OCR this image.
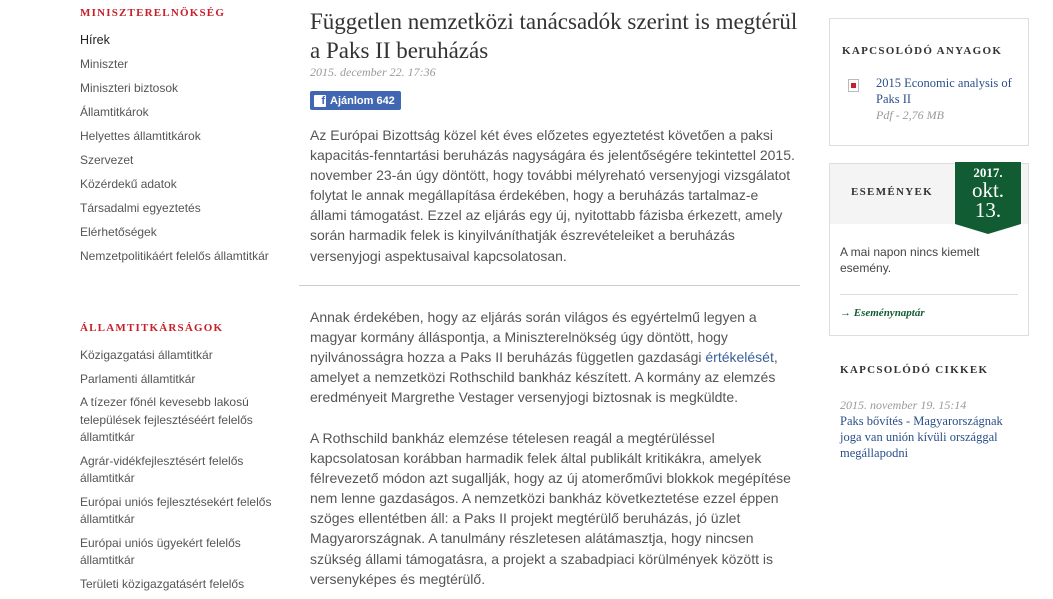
MINISZTERELNÖKSÉG
Hírek
Miniszter
Miniszteri biztosok
Államtitkárok
Helyettes államtitkárok
Szervezet
Közérdekű adatok
Társadalmi egyeztetés
Elérhetőségek
Nemzetpolitikáért felelős államtitkár
ÁLLAMTITKÁRSÁGOK
Közigazgatási államtitkár
Parlamenti államtitkár
A tízezer főnél kevesebb lakosú települések fejlesztéséért felelős államtitkár
Agrár-vidékfejlesztésért felelős államtitkár
Európai uniós fejlesztésekért felelős államtitkár
Európai uniós ügyekért felelős államtitkár
Területi közigazgatásért felelős
Független nemzetközi tanácsadók szerint is megtérül a Paks II beruházás
2015. december 22. 17:36
f Ajánlom 642

Az Európai Bizottság közel két éves előzetes egyeztetést követően a paksi kapacitás-fenntartási beruházás nagyságára és jelentőségére tekintettel 2015. november 23-án úgy döntött, hogy további mélyreható versenyjogi vizsgálatot folytat le annak megállapítása érdekében, hogy a beruházás tartalmaz-e állami támogatást. Ezzel az eljárás egy új, nyitottabb fázisba érkezett, amely során harmadik felek is kinyilváníthatják észrevételeiket a beruházás versenyjogi aspektusaival kapcsolatosan.

Annak érdekében, hogy az eljárás során világos és egyértelmű legyen a magyar kormány álláspontja, a Miniszterelnökség úgy döntött, hogy nyilvánosságra hozza a Paks II beruházás független gazdasági értékelését, amelyet a nemzetközi Rothschild bankház készített. A kormány az elemzés eredményeit Margrethe Vestager versenyjogi biztosnak is megküldte.

A Rothschild bankház elemzése tételesen reagál a megtérüléssel kapcsolatosan korábban harmadik felek által publikált kritikákra, amelyek félrevezető módon azt sugallják, hogy az új atomerőművi blokkok megépítése nem lenne gazdaságos. A nemzetközi bankház következtetése ezzel éppen szöges ellentétben áll: a Paks II projekt megtérülő beruházás, jó üzlet Magyarországnak. A tanulmány részletesen alátámasztja, hogy nincsen szükség állami támogatásra, a projekt a szabadpiaci körülmények között is versenyképes és megtérülő.

KAPCSOLÓDÓ ANYAGOK
2015 Economic analysis of Paks II
Pdf - 2,76 MB
ESEMÉNYEK
2017.
okt.
13.
A mai napon nincs kiemelt esemény.
→ Eseménynaptár
KAPCSOLÓDÓ CIKKEK
2015. november 19. 15:14
Paks bővítés - Magyarországnak joga van unión kívüli országgal megállapodni
